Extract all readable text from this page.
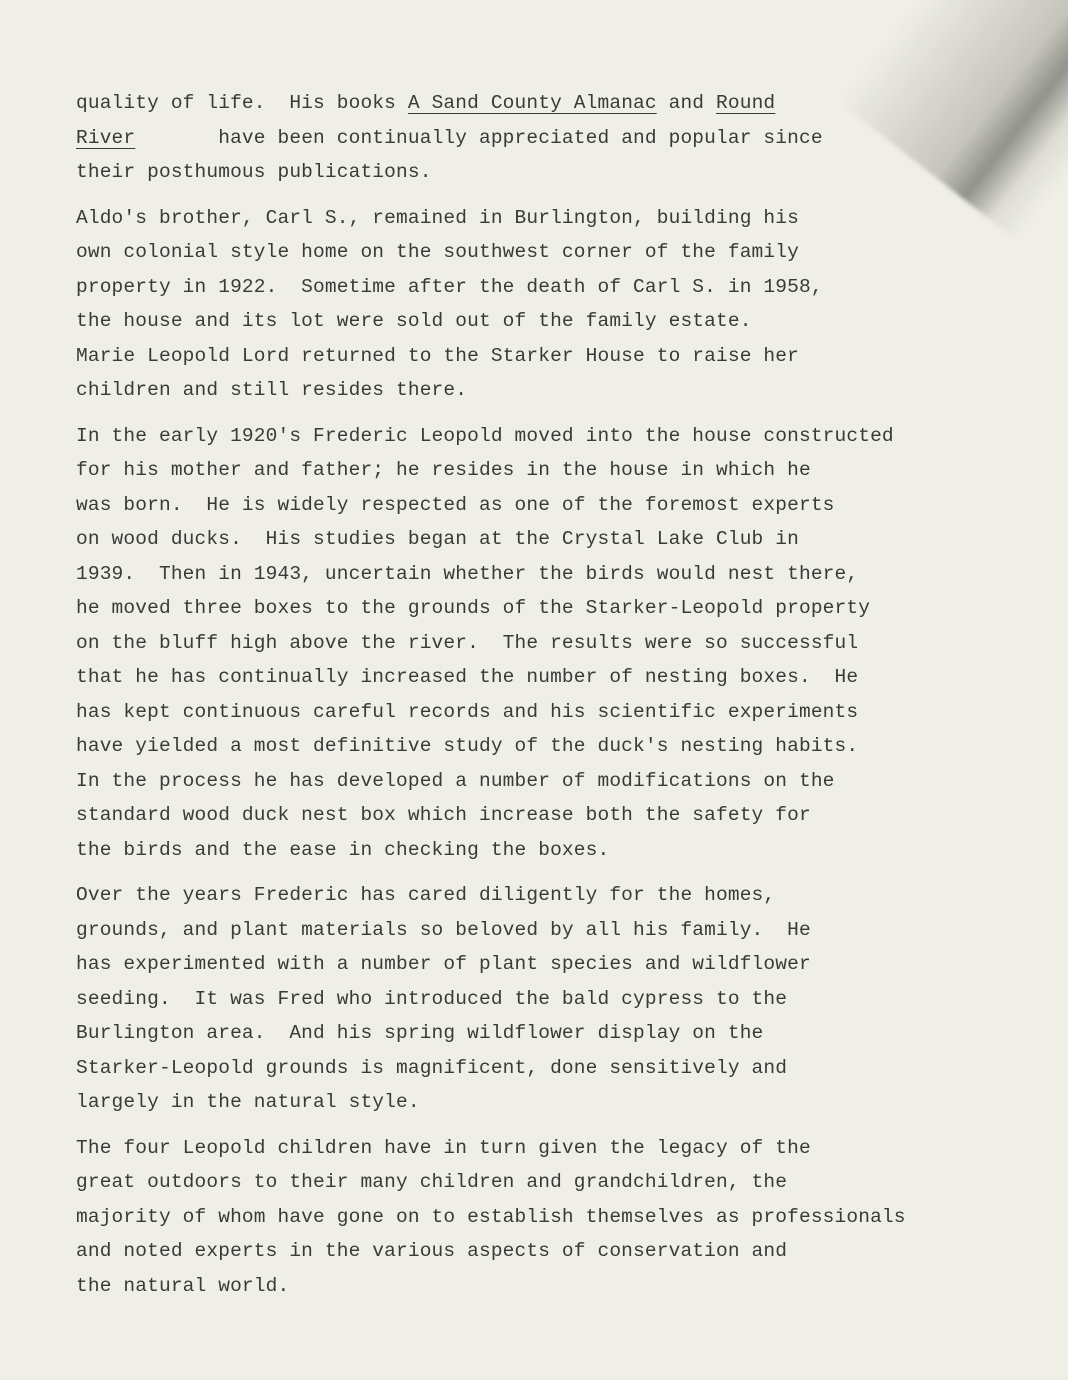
quality of life.  His books A Sand County Almanac and Round
River       have been continually appreciated and popular since
their posthumous publications.
Aldo's brother, Carl S., remained in Burlington, building his
own colonial style home on the southwest corner of the family
property in 1922.  Sometime after the death of Carl S. in 1958,
the house and its lot were sold out of the family estate.
Marie Leopold Lord returned to the Starker House to raise her
children and still resides there.
In the early 1920's Frederic Leopold moved into the house constructed
for his mother and father; he resides in the house in which he
was born.  He is widely respected as one of the foremost experts
on wood ducks.  His studies began at the Crystal Lake Club in
1939.  Then in 1943, uncertain whether the birds would nest there,
he moved three boxes to the grounds of the Starker-Leopold property
on the bluff high above the river.  The results were so successful
that he has continually increased the number of nesting boxes.  He
has kept continuous careful records and his scientific experiments
have yielded a most definitive study of the duck's nesting habits.
In the process he has developed a number of modifications on the
standard wood duck nest box which increase both the safety for
the birds and the ease in checking the boxes.
Over the years Frederic has cared diligently for the homes,
grounds, and plant materials so beloved by all his family.  He
has experimented with a number of plant species and wildflower
seeding.  It was Fred who introduced the bald cypress to the
Burlington area.  And his spring wildflower display on the
Starker-Leopold grounds is magnificent, done sensitively and
largely in the natural style.
The four Leopold children have in turn given the legacy of the
great outdoors to their many children and grandchildren, the
majority of whom have gone on to establish themselves as professionals
and noted experts in the various aspects of conservation and
the natural world.
